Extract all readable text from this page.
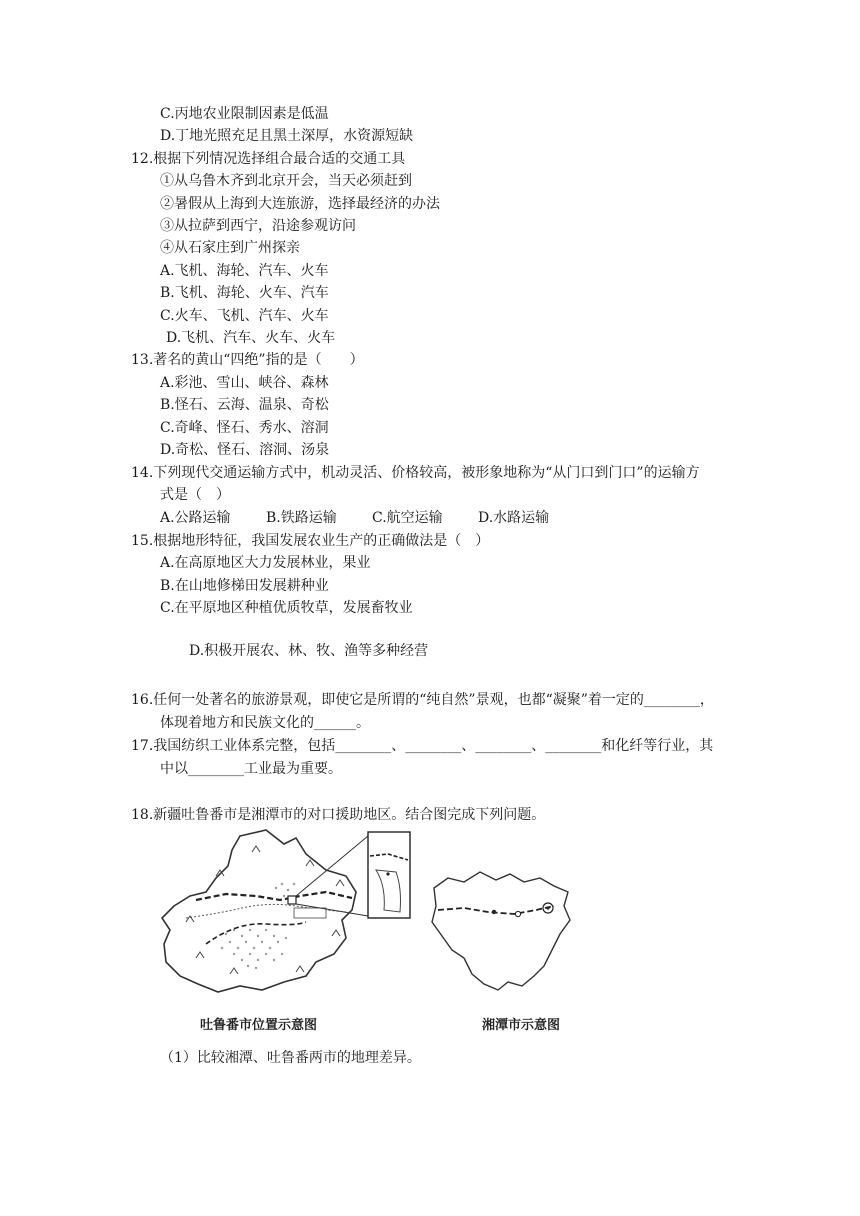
C.丙地农业限制因素是低温
D.丁地光照充足且黑土深厚，水资源短缺
12.根据下列情况选择组合最合适的交通工具
①从乌鲁木齐到北京开会，当天必须赶到
②暑假从上海到大连旅游，选择最经济的办法
③从拉萨到西宁，沿途参观访问
④从石家庄到广州探亲
A.飞机、海轮、汽车、火车
B.飞机、海轮、火车、汽车
C.火车、飞机、汽车、火车
D.飞机、汽车、火车、火车
13.著名的黄山“四绝”指的是（　　）
A.彩池、雪山、峡谷、森林
B.怪石、云海、温泉、奇松
C.奇峰、怪石、秀水、溶洞
D.奇松、怪石、溶洞、汤泉
14.下列现代交通运输方式中，机动灵活、价格较高，被形象地称为“从门口到门口”的运输方
式是（　）
A.公路运输	B.铁路运输	C.航空运输	D.水路运输
15.根据地形特征，我国发展农业生产的正确做法是（　）
A.在高原地区大力发展林业，果业
B.在山地修梯田发展耕种业
C.在平原地区种植优质牧草，发展畜牧业
D.积极开展农、林、牧、渔等多种经营
16.任何一处著名的旅游景观，即使它是所谓的“纯自然”景观，也都“凝聚”着一定的________，
体现着地方和民族文化的______。
17.我国纺织工业体系完整，包括________、________、________、________和化纤等行业，其
中以________工业最为重要。
18.新疆吐鲁番市是湘潭市的对口援助地区。结合图完成下列问题。
吐鲁番市位置示意图	湘潭市示意图
（1）比较湘潭、吐鲁番两市的地理差异。
